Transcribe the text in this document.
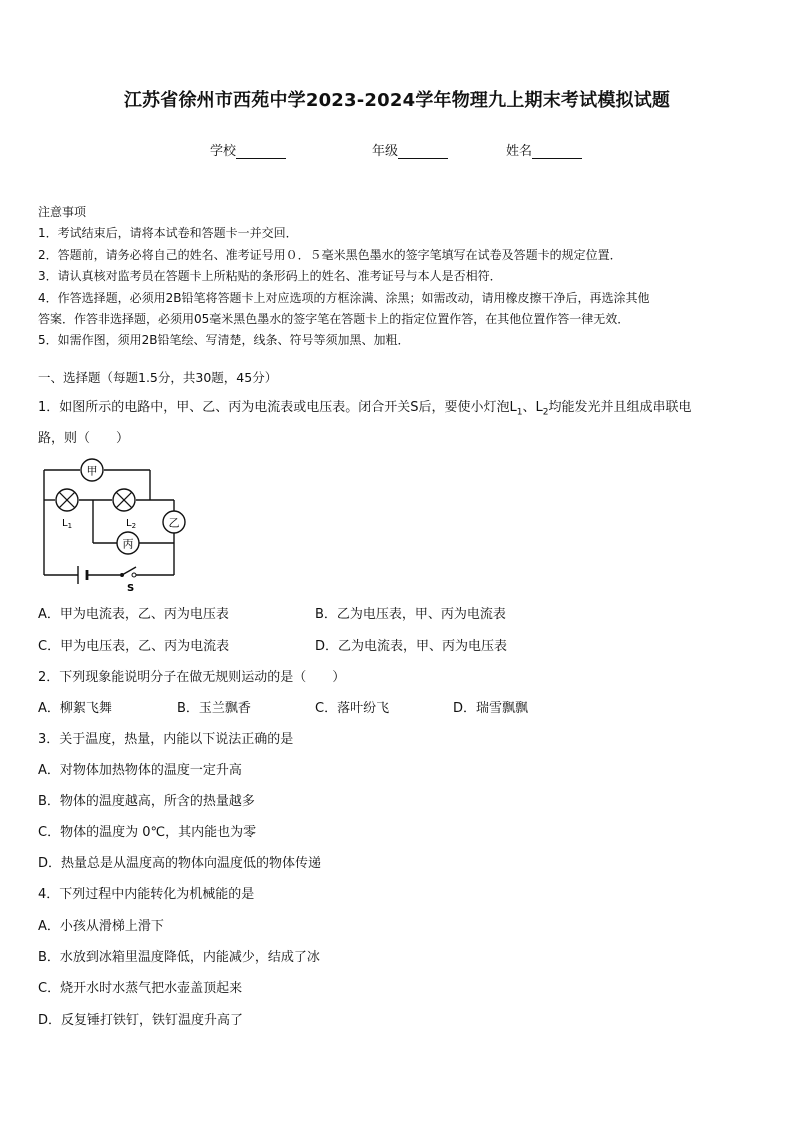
江苏省徐州市西苑中学2023-2024学年物理九上期末考试模拟试题
学校	年级	姓名
注意事项
1．考试结束后，请将本试卷和答题卡一并交回．
2．答题前，请务必将自己的姓名、准考证号用０．５毫米黑色墨水的签字笔填写在试卷及答题卡的规定位置．
3．请认真核对监考员在答题卡上所粘贴的条形码上的姓名、准考证号与本人是否相符．
4．作答选择题，必须用2B铅笔将答题卡上对应选项的方框涂满、涂黑；如需改动，请用橡皮擦干净后，再选涂其他
答案．作答非选择题，必须用05毫米黑色墨水的签字笔在答题卡上的指定位置作答，在其他位置作答一律无效．
5．如需作图，须用2B铅笔绘、写清楚，线条、符号等须加黑、加粗．
一、选择题（每题1.5分，共30题，45分）
1．如图所示的电路中，甲、乙、丙为电流表或电压表。闭合开关S后，要使小灯泡$L_1$、$L_2$均能发光并且组成串联电
路，则（　　）
甲
$L_1$	$L_2$	乙
丙
S
A．甲为电流表，乙、丙为电压表	B．乙为电压表，甲、丙为电流表
C．甲为电压表，乙、丙为电流表	D．乙为电流表，甲、丙为电压表
2．下列现象能说明分子在做无规则运动的是（　　）
A．柳絮飞舞	B．玉兰飘香	C．落叶纷飞	D．瑞雪飘飘
3．关于温度，热量，内能以下说法正确的是
A．对物体加热物体的温度一定升高
B．物体的温度越高，所含的热量越多
C．物体的温度为 0℃，其内能也为零
D．热量总是从温度高的物体向温度低的物体传递
4．下列过程中内能转化为机械能的是
A．小孩从滑梯上滑下
B．水放到冰箱里温度降低，内能减少，结成了冰
C．烧开水时水蒸气把水壶盖顶起来
D．反复锤打铁钉，铁钉温度升高了
